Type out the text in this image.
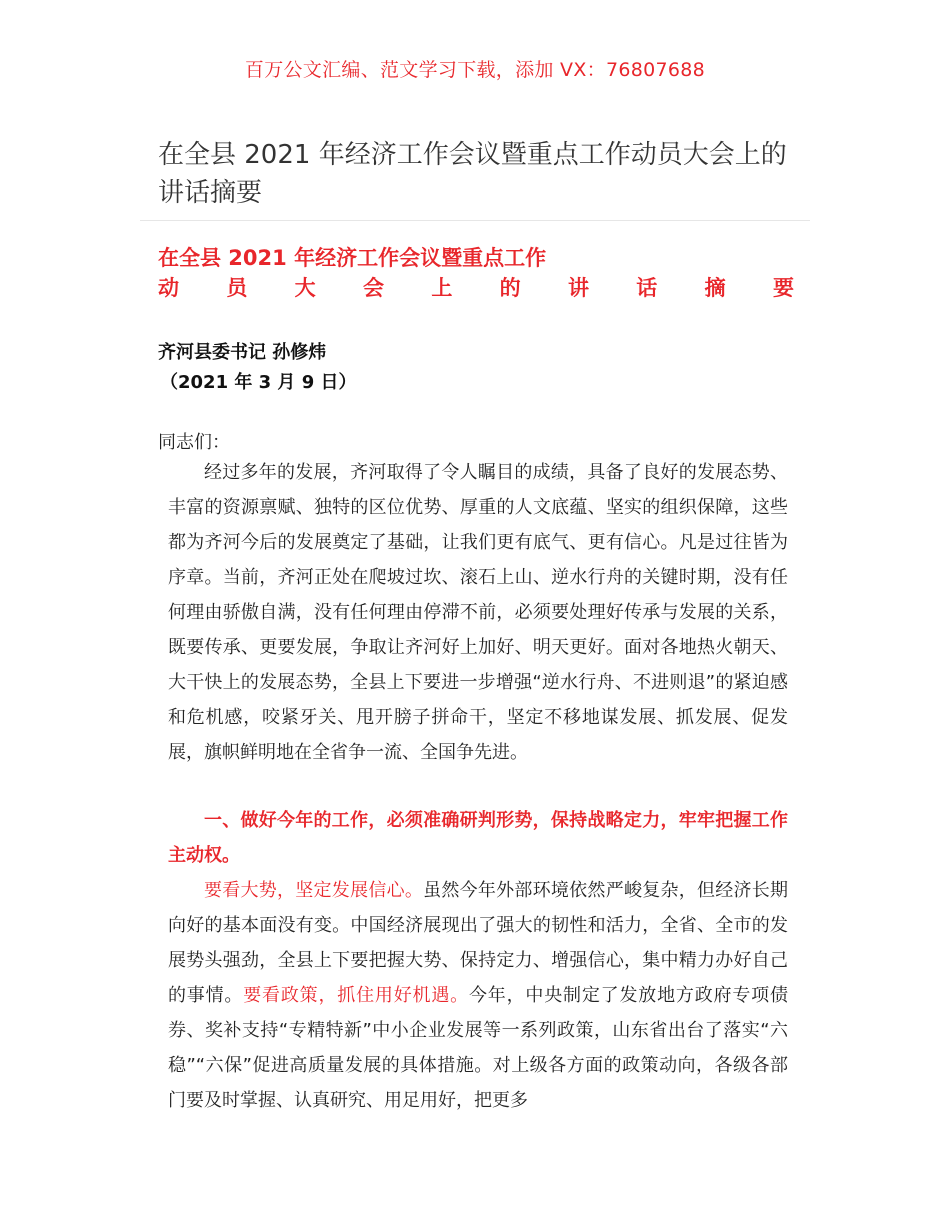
百万公文汇编、范文学习下载，添加 VX：76807688
在全县 2021 年经济工作会议暨重点工作动员大会上的讲话摘要
在全县 2021 年经济工作会议暨重点工作
动 员 大 会 上 的 讲 话 摘 要
齐河县委书记 孙修炜
（2021 年 3 月 9 日）
同志们：
经过多年的发展，齐河取得了令人瞩目的成绩，具备了良好的发展态势、丰富的资源禀赋、独特的区位优势、厚重的人文底蕴、坚实的组织保障，这些都为齐河今后的发展奠定了基础，让我们更有底气、更有信心。凡是过往皆为序章。当前，齐河正处在爬坡过坎、滚石上山、逆水行舟的关键时期，没有任何理由骄傲自满，没有任何理由停滞不前，必须要处理好传承与发展的关系，既要传承、更要发展，争取让齐河好上加好、明天更好。面对各地热火朝天、大干快上的发展态势，全县上下要进一步增强“逆水行舟、不进则退”的紧迫感和危机感，咬紧牙关、甩开膀子拼命干，坚定不移地谋发展、抓发展、促发展，旗帜鲜明地在全省争一流、全国争先进。
一、做好今年的工作，必须准确研判形势，保持战略定力，牢牢把握工作主动权。
要看大势，坚定发展信心。虽然今年外部环境依然严峻复杂，但经济长期向好的基本面没有变。中国经济展现出了强大的韧性和活力，全省、全市的发展势头强劲，全县上下要把握大势、保持定力、增强信心，集中精力办好自己的事情。要看政策，抓住用好机遇。今年，中央制定了发放地方政府专项债券、奖补支持“专精特新”中小企业发展等一系列政策，山东省出台了落实“六稳”“六保”促进高质量发展的具体措施。对上级各方面的政策动向，各级各部门要及时掌握、认真研究、用足用好，把更多
